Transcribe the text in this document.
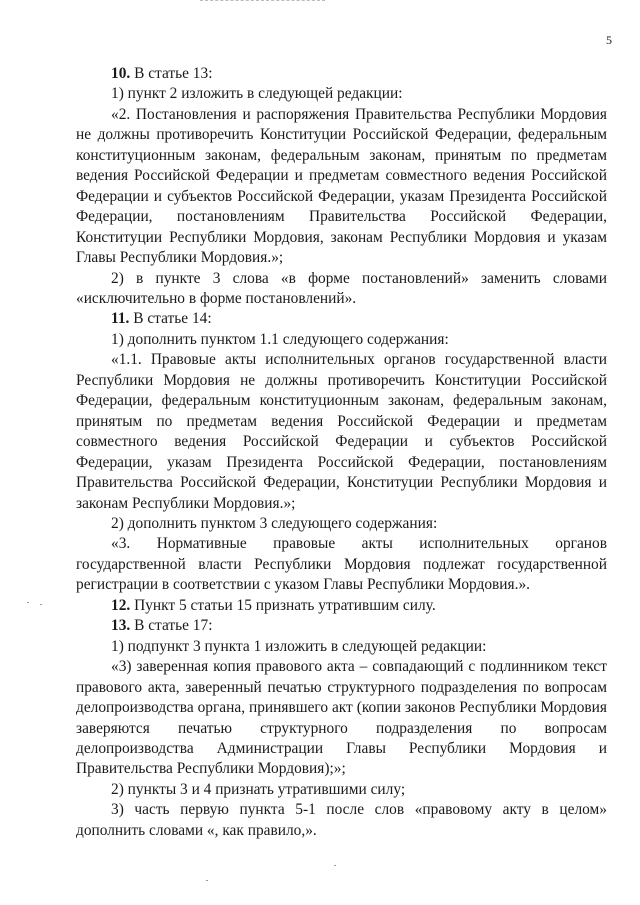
5

10. В статье 13:

1) пункт 2 изложить в следующей редакции:

«2. Постановления и распоряжения Правительства Республики Мордовия не должны противоречить Конституции Российской Федерации, федеральным конституционным законам, федеральным законам, принятым по предметам ведения Российской Федерации и предметам совместного ведения Российской Федерации и субъектов Российской Федерации, указам Президента Российской Федерации, постановлениям Правительства Российской Федерации, Конституции Республики Мордовия, законам Республики Мордовия и указам Главы Республики Мордовия.»;

2) в пункте 3 слова «в форме постановлений» заменить словами «исключительно в форме постановлений».

11. В статье 14:

1) дополнить пунктом 1.1 следующего содержания:

«1.1. Правовые акты исполнительных органов государственной власти Республики Мордовия не должны противоречить Конституции Российской Федерации, федеральным конституционным законам, федеральным законам, принятым по предметам ведения Российской Федерации и предметам совместного ведения Российской Федерации и субъектов Российской Федерации, указам Президента Российской Федерации, постановлениям Правительства Российской Федерации, Конституции Республики Мордовия и законам Республики Мордовия.»;

2) дополнить пунктом 3 следующего содержания:

«3. Нормативные правовые акты исполнительных органов государственной власти Республики Мордовия подлежат государственной регистрации в соответствии с указом Главы Республики Мордовия.».

12. Пункт 5 статьи 15 признать утратившим силу.

13. В статье 17:

1) подпункт 3 пункта 1 изложить в следующей редакции:

«3) заверенная копия правового акта – совпадающий с подлинником текст правового акта, заверенный печатью структурного подразделения по вопросам делопроизводства органа, принявшего акт (копии законов Республики Мордовия заверяются печатью структурного подразделения по вопросам делопроизводства Администрации Главы Республики Мордовия и Правительства Республики Мордовия);»;

2) пункты 3 и 4 признать утратившими силу;

3) часть первую пункта 5-1 после слов «правовому акту в целом» дополнить словами «, как правило,».
